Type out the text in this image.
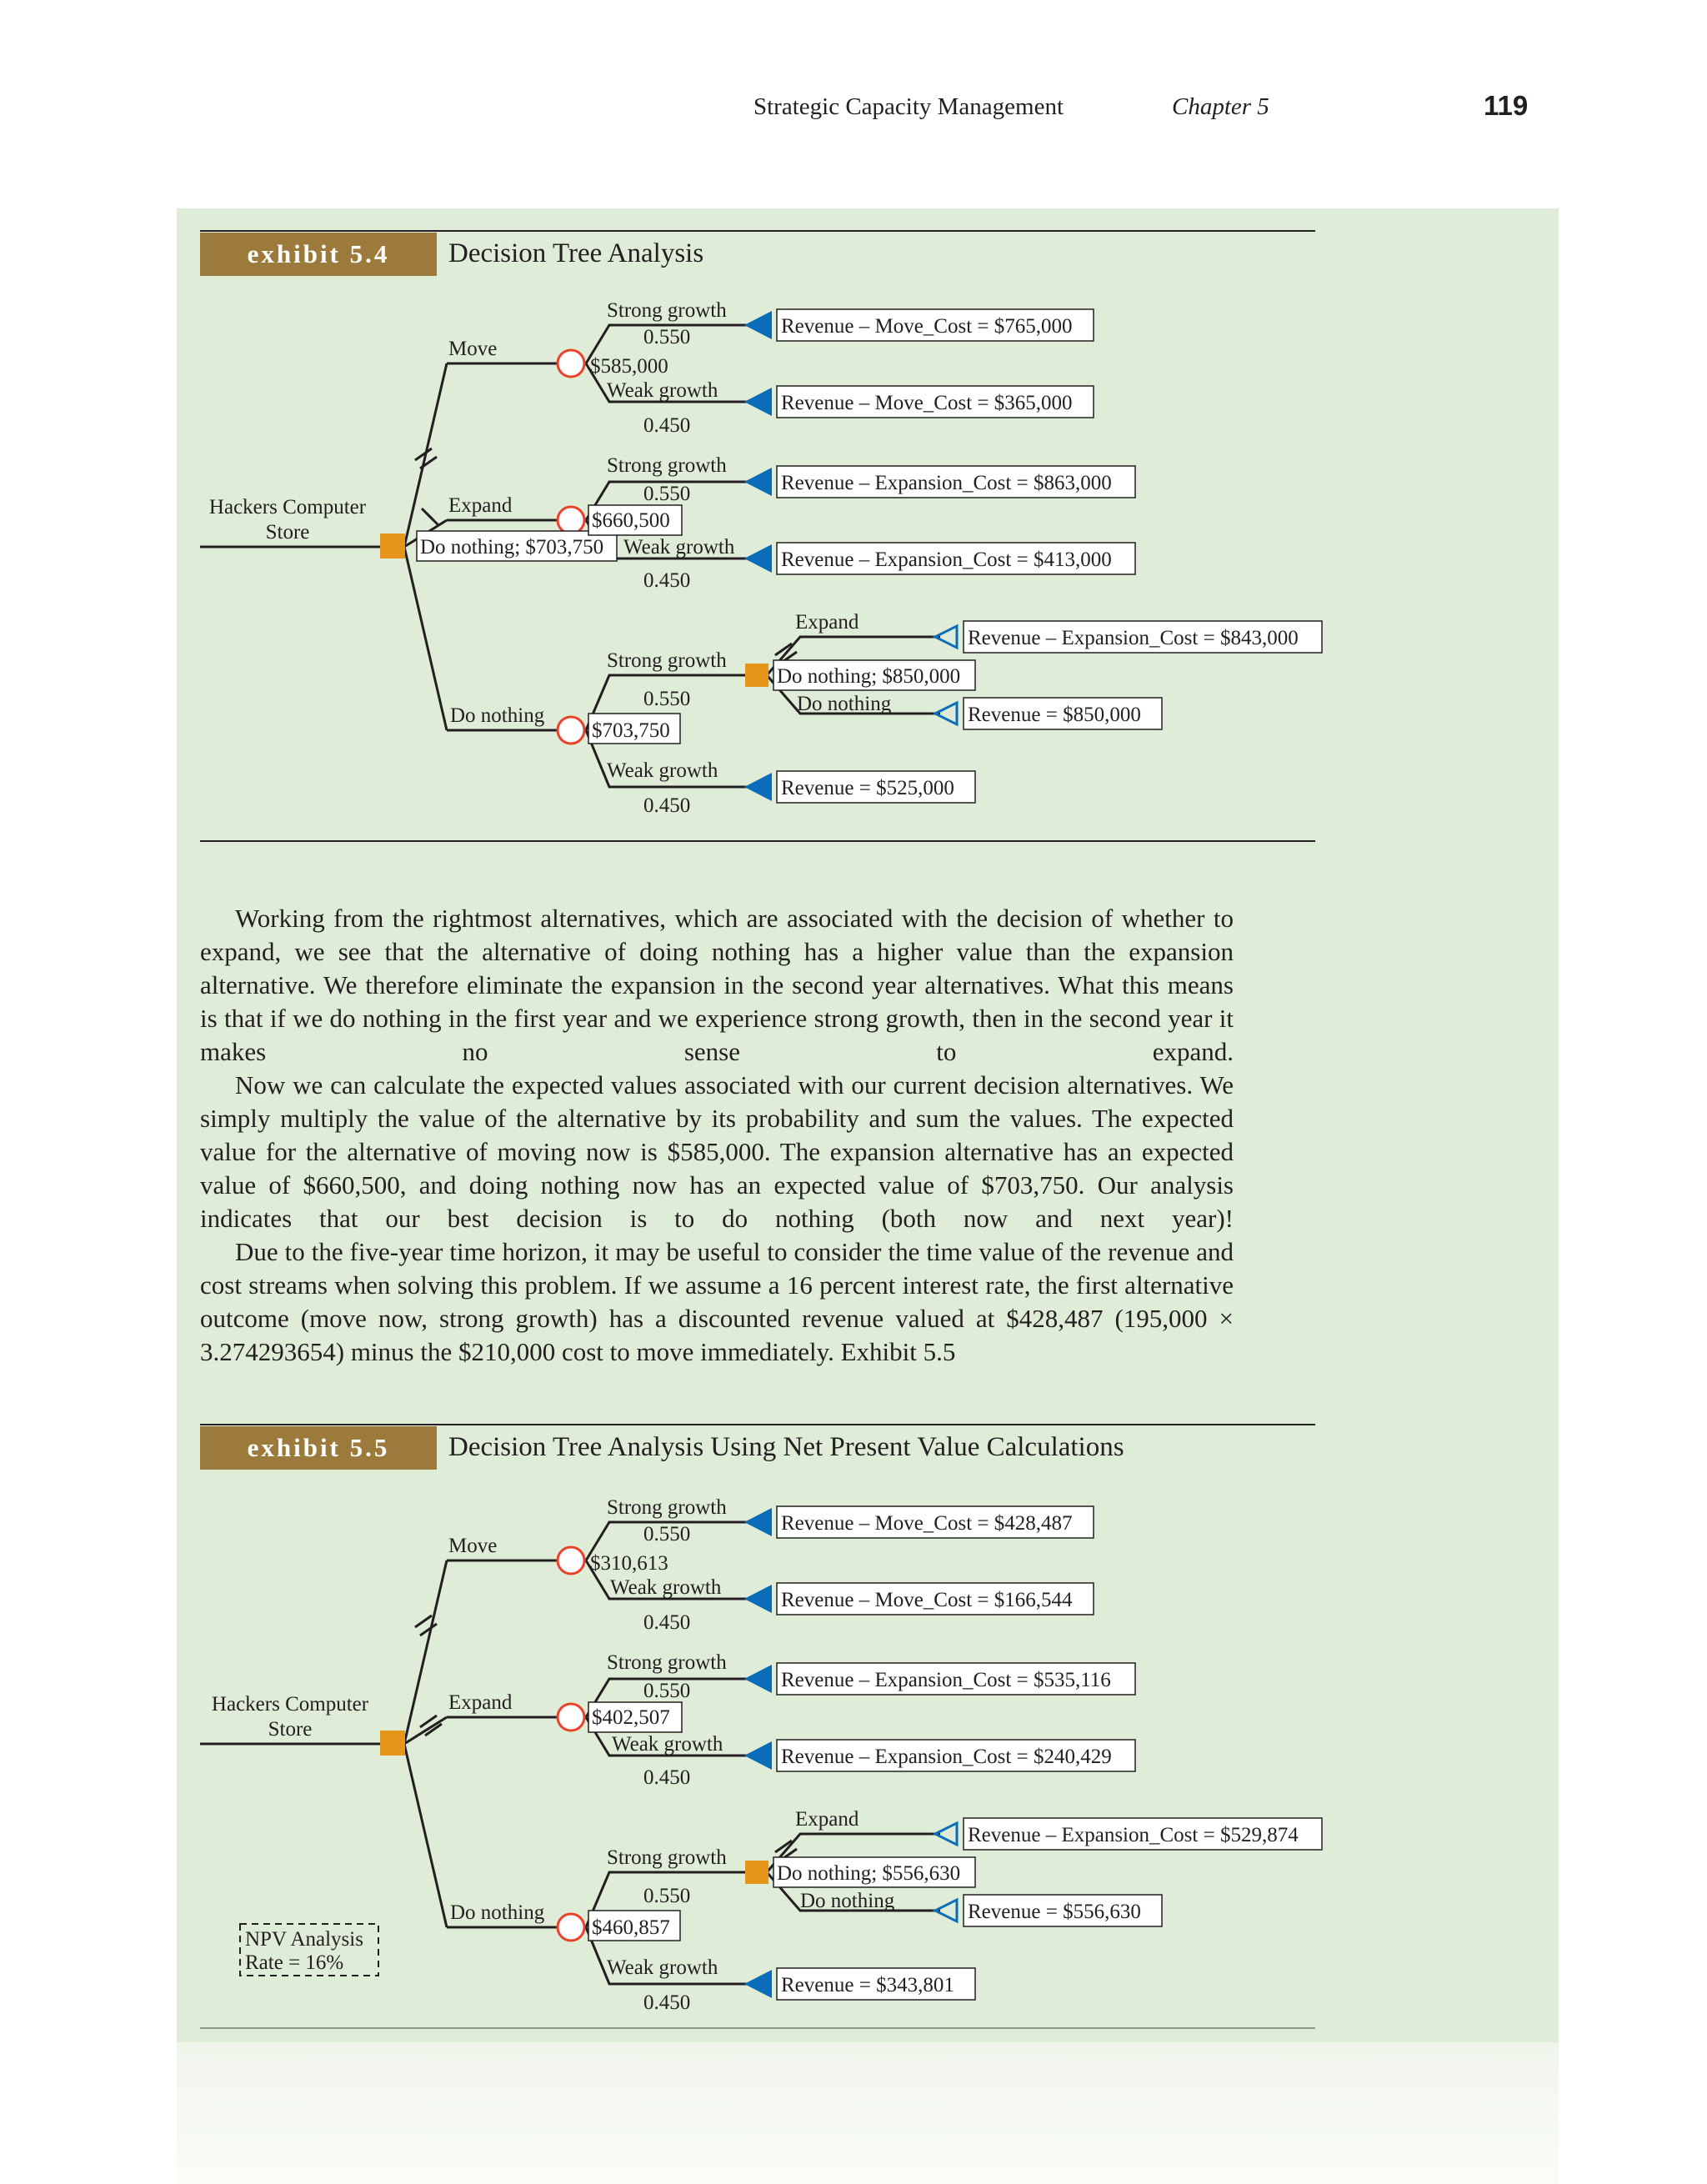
Strategic Capacity Management	Chapter 5	119
exhibit 5.4	Decision Tree Analysis
Hackers Computer Store
Move
Expand
Do nothing
Strong growth
0.550
$585,000
Weak growth
0.450
Strong growth
0.550
$660,500
Do nothing; $703,750 Weak growth
0.450
Expand
Strong growth
Do nothing; $850,000
0.550	Do nothing
$703,750
Weak growth
0.450
Revenue – Move_Cost = $765,000
Revenue – Move_Cost = $365,000
Revenue – Expansion_Cost = $863,000
Revenue – Expansion_Cost = $413,000
Revenue – Expansion_Cost = $843,000
Revenue = $850,000
Revenue = $525,000
Working from the rightmost alternatives, which are associated with the decision of whether to expand, we see that the alternative of doing nothing has a higher value than the expansion alternative. We therefore eliminate the expansion in the second year alternatives. What this means is that if we do nothing in the first year and we experience strong growth, then in the second year it makes no sense to expand.
Now we can calculate the expected values associated with our current decision alternatives. We simply multiply the value of the alternative by its probability and sum the values. The expected value for the alternative of moving now is $585,000. The expansion alternative has an expected value of $660,500, and doing nothing now has an expected value of $703,750. Our analysis indicates that our best decision is to do nothing (both now and next year)!
Due to the five-year time horizon, it may be useful to consider the time value of the revenue and cost streams when solving this problem. If we assume a 16 percent interest rate, the first alternative outcome (move now, strong growth) has a discounted revenue valued at $428,487 (195,000 × 3.274293654) minus the $210,000 cost to move immediately. Exhibit 5.5
exhibit 5.5	Decision Tree Analysis Using Net Present Value Calculations
Hackers Computer Store
Move
Expand
Do nothing
Strong growth
0.550
$310,613
Weak growth
0.450
Strong growth
0.550
$402,507
Weak growth
0.450
Expand
Strong growth
Do nothing; $556,630
0.550	Do nothing
$460,857
Weak growth
0.450
NPV Analysis
Rate = 16%
Revenue – Move_Cost = $428,487
Revenue – Move_Cost = $166,544
Revenue – Expansion_Cost = $535,116
Revenue – Expansion_Cost = $240,429
Revenue – Expansion_Cost = $529,874
Revenue = $556,630
Revenue = $343,801
